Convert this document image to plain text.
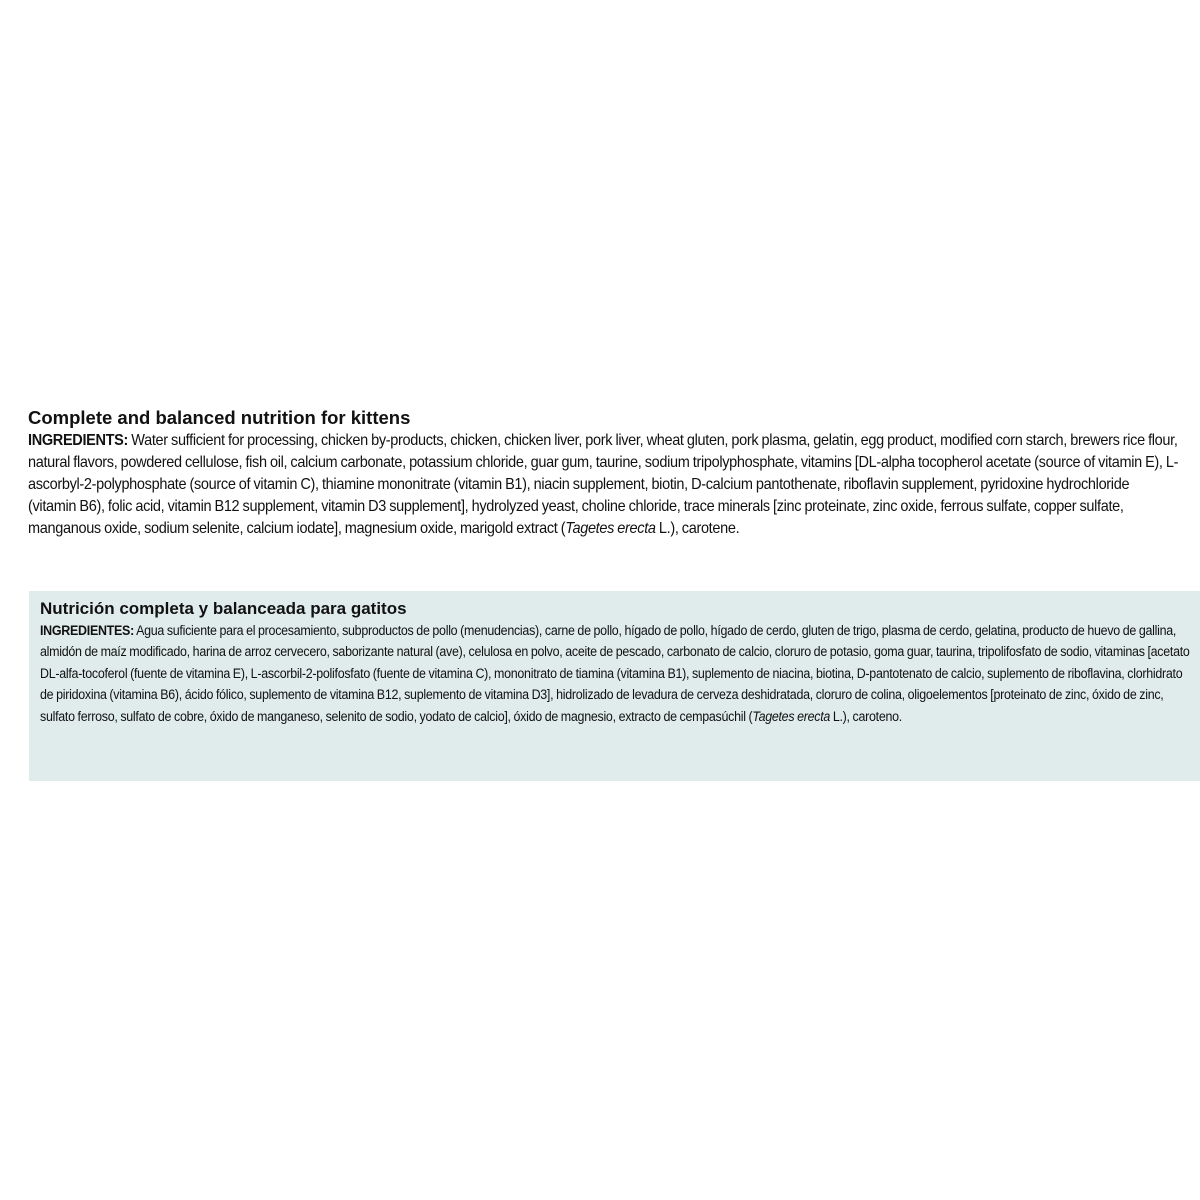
Complete and balanced nutrition for kittens
INGREDIENTS: Water sufficient for processing, chicken by-products, chicken, chicken liver, pork liver, wheat gluten, pork plasma, gelatin, egg product, modified corn starch, brewers rice flour, natural flavors, powdered cellulose, fish oil, calcium carbonate, potassium chloride, guar gum, taurine, sodium tripolyphosphate, vitamins [DL-alpha tocopherol acetate (source of vitamin E), L-ascorbyl-2-polyphosphate (source of vitamin C), thiamine mononitrate (vitamin B1), niacin supplement, biotin, D-calcium pantothenate, riboflavin supplement, pyridoxine hydrochloride (vitamin B6), folic acid, vitamin B12 supplement, vitamin D3 supplement], hydrolyzed yeast, choline chloride, trace minerals [zinc proteinate, zinc oxide, ferrous sulfate, copper sulfate, manganous oxide, sodium selenite, calcium iodate], magnesium oxide, marigold extract (Tagetes erecta L.), carotene.
Nutrición completa y balanceada para gatitos
INGREDIENTES: Agua suficiente para el procesamiento, subproductos de pollo (menudencias), carne de pollo, hígado de pollo, hígado de cerdo, gluten de trigo, plasma de cerdo, gelatina, producto de huevo de gallina, almidón de maíz modificado, harina de arroz cervecero, saborizante natural (ave), celulosa en polvo, aceite de pescado, carbonato de calcio, cloruro de potasio, goma guar, taurina, tripolifosfato de sodio, vitaminas [acetato DL-alfa-tocoferol (fuente de vitamina E), L-ascorbil-2-polifosfato (fuente de vitamina C), mononitrato de tiamina (vitamina B1), suplemento de niacina, biotina, D-pantotenato de calcio, suplemento de riboflavina, clorhidrato de piridoxina (vitamina B6), ácido fólico, suplemento de vitamina B12, suplemento de vitamina D3], hidrolizado de levadura de cerveza deshidratada, cloruro de colina, oligoelementos [proteinato de zinc, óxido de zinc, sulfato ferroso, sulfato de cobre, óxido de manganeso, selenito de sodio, yodato de calcio], óxido de magnesio, extracto de cempasúchil (Tagetes erecta L.), caroteno.
